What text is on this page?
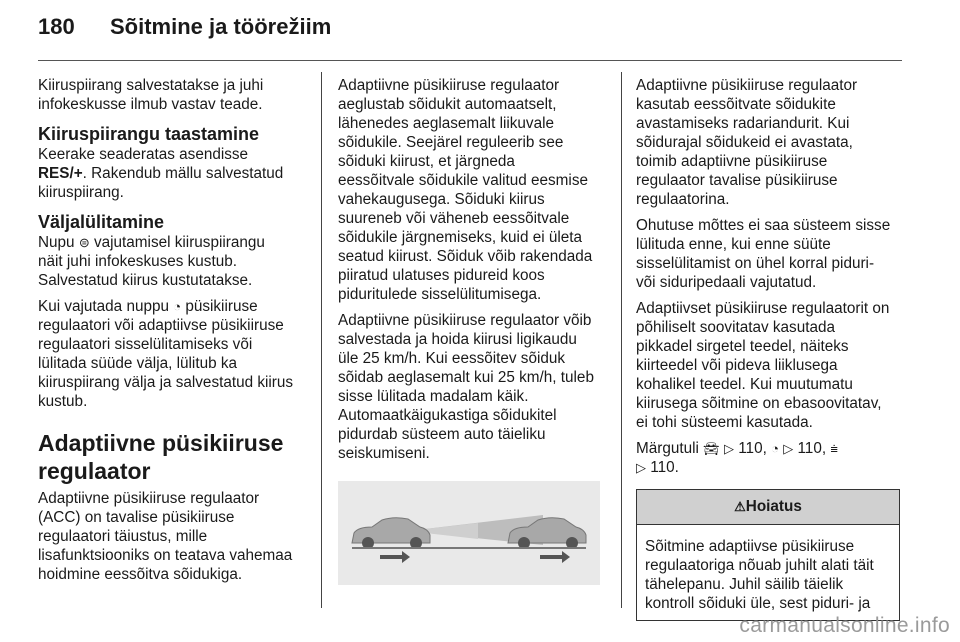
180	Sõitmine ja töörežiim

Kiiruspiirang salvestatakse ja juhi
infokeskusse ilmub vastav teade.

Kiiruspiirangu taastamine

Keerake seaderatas asendisse
RES/+. Rakendub mällu salvestatud
kiiruspiirang.

Väljalülitamine

Nupu ⊜ vajutamisel kiiruspiirangu
näit juhi infokeskuses kustub.
Salvestatud kiirus kustutatakse.

Kui vajutada nuppu ◔ püsikiiruse
regulaatori või adaptiivse püsikiiruse
regulaatori sisselülitamiseks või
lülitada süüde välja, lülitub ka
kiiruspiirang välja ja salvestatud kiirus
kustub.

Adaptiivne püsikiiruse
regulaator

Adaptiivne püsikiiruse regulaator
(ACC) on tavalise püsikiiruse
regulaatori täiustus, mille
lisafunktsiooniks on teatava vahemaa
hoidmine eessõitva sõidukiga.

Adaptiivne püsikiiruse regulaator
aeglustab sõidukit automaatselt,
lähenedes aeglasemalt liikuvale
sõidukile. Seejärel reguleerib see
sõiduki kiirust, et järgneda
eessõitvale sõidukile valitud eesmise
vahekaugusega. Sõiduki kiirus
suureneb või väheneb eessõitvale
sõidukile järgnemiseks, kuid ei ületa
seatud kiirust. Sõiduk võib rakendada
piiratud ulatuses pidureid koos
piduritulede sisselülitumisega.

Adaptiivne püsikiiruse regulaator võib
salvestada ja hoida kiirusi ligikaudu
üle 25 km/h. Kui eessõitev sõiduk
sõidab aeglasemalt kui 25 km/h, tuleb
sisse lülitada madalam käik.
Automaatkäigukastiga sõidukitel
pidurdab süsteem auto täieliku
seiskumiseni.

Adaptiivne püsikiiruse regulaator
kasutab eessõitvate sõidukite
avastamiseks radariandurit. Kui
sõidurajal sõidukeid ei avastata,
toimib adaptiivne püsikiiruse
regulaator tavalise püsikiiruse
regulaatorina.

Ohutuse mõttes ei saa süsteem sisse
lülituda enne, kui enne süüte
sisselülitamist on ühel korral piduri-
või siduripedaali vajutatud.

Adaptiivset püsikiiruse regulaatorit on
põhiliselt soovitatav kasutada
pikkadel sirgetel teedel, näiteks
kiirteedel või pideva liiklusega
kohalikel teedel. Kui muutumatu
kiirusega sõitmine on ebasoovitatav,
ei tohi süsteemi kasutada.

Märgutuli 🚘︎ ▷ 110, ◔ ▷ 110, ⩧
▷ 110.

⚠Hoiatus
Sõitmine adaptiivse püsikiiruse
regulaatoriga nõuab juhilt alati täit
tähelepanu. Juhil säilib täielik
kontroll sõiduki üle, sest piduri- ja
carmanualsonline.info
